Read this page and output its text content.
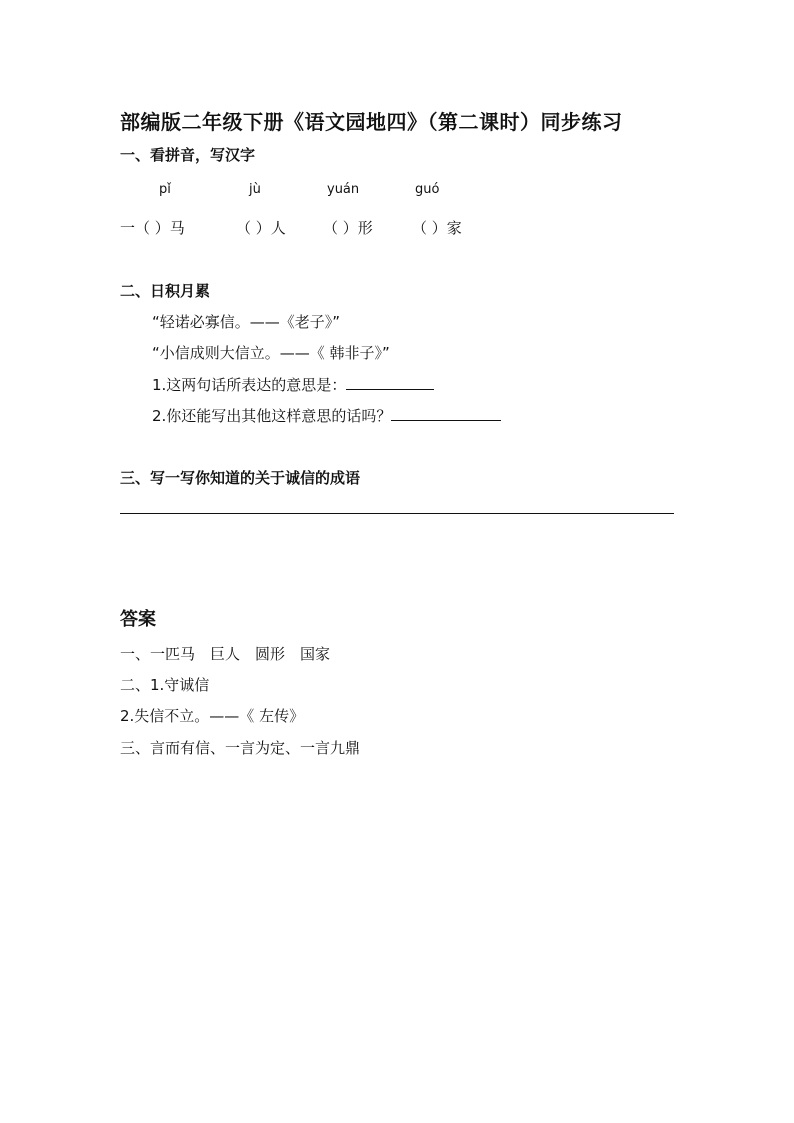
部编版二年级下册《语文园地四》（第二课时）同步练习
一、看拼音，写汉字
pǐ	jù	yuán	guó
一（ ）马	（ ）人 （ ）形	（ ）家
二、日积月累
“轻诺必寡信。——《老子》”
“小信成则大信立。——《 韩非子》”
1.这两句话所表达的意思是：
2.你还能写出其他这样意思的话吗？
三、写一写你知道的关于诚信的成语
答案
一、一匹马　巨人　圆形　国家
二、1.守诚信
2.失信不立。——《 左传》
三、言而有信、一言为定、一言九鼎
